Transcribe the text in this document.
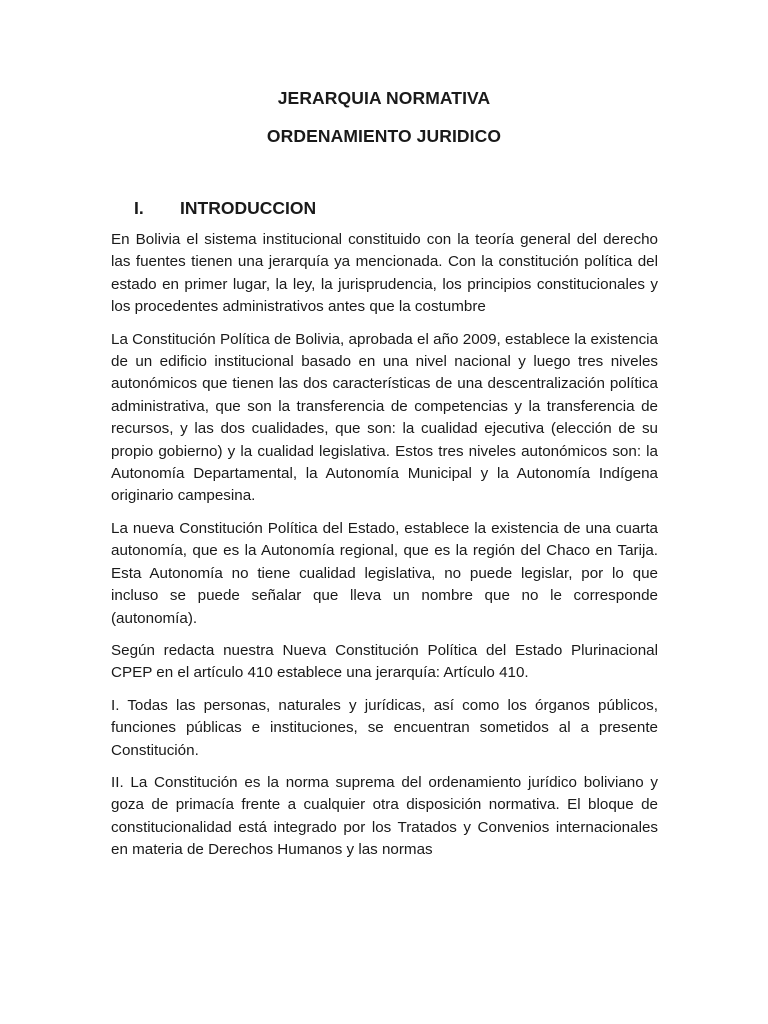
JERARQUIA NORMATIVA
ORDENAMIENTO JURIDICO
I. INTRODUCCION

En Bolivia el sistema institucional constituido con la teoría general del derecho las fuentes tienen una jerarquía ya mencionada. Con la constitución política del estado en primer lugar, la ley, la jurisprudencia, los principios constitucionales y los procedentes administrativos antes que la costumbre

La Constitución Política de Bolivia, aprobada el año 2009, establece la existencia de un edificio institucional basado en una nivel nacional y luego tres niveles autonómicos que tienen las dos características de una descentralización política administrativa, que son la transferencia de competencias y la transferencia de recursos, y las dos cualidades, que son: la cualidad ejecutiva (elección de su propio gobierno) y la cualidad legislativa. Estos tres niveles autonómicos son: la Autonomía Departamental, la Autonomía Municipal y la Autonomía Indígena originario campesina.

La nueva Constitución Política del Estado, establece la existencia de una cuarta autonomía, que es la Autonomía regional, que es la región del Chaco en Tarija. Esta Autonomía no tiene cualidad legislativa, no puede legislar, por lo que incluso se puede señalar que lleva un nombre que no le corresponde (autonomía).

Según redacta nuestra Nueva Constitución Política del Estado Plurinacional CPEP en el artículo 410 establece una jerarquía: Artículo 410.

I. Todas las personas, naturales y jurídicas, así como los órganos públicos, funciones públicas e instituciones, se encuentran sometidos al a presente Constitución.

II. La Constitución es la norma suprema del ordenamiento jurídico boliviano y goza de primacía frente a cualquier otra disposición normativa. El bloque de constitucionalidad está integrado por los Tratados y Convenios internacionales en materia de Derechos Humanos y las normas
